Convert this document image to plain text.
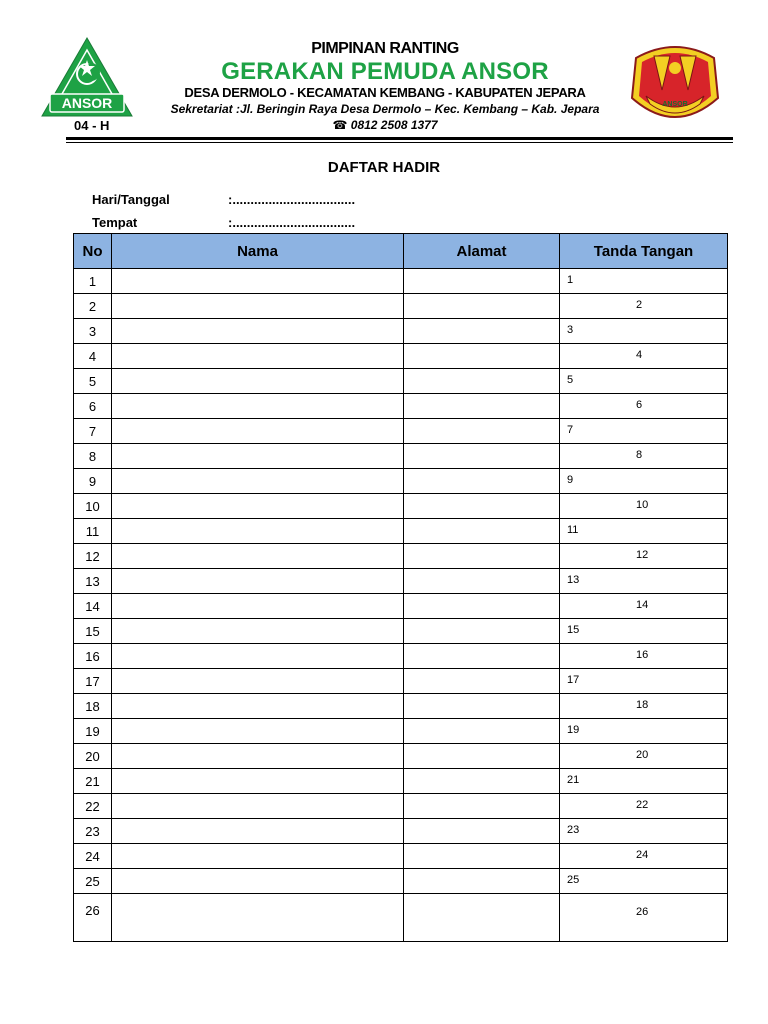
ANSOR
04 - H
ANSOR
PIMPINAN RANTING
GERAKAN PEMUDA ANSOR
DESA DERMOLO - KECAMATAN KEMBANG - KABUPATEN JEPARA
Sekretariat :Jl. Beringin Raya Desa Dermolo – Kec. Kembang – Kab. Jepara
☎ 0812 2508 1377
DAFTAR HADIR
Hari/Tanggal	:..................................
Tempat	:..................................
No	Nama	Alamat	Tanda Tangan
1			1

2			2

3			3

4			4

5			5

6			6

7			7

8			8

9			9

10			10

11			11

12			12

13			13

14			14

15			15

16			16

17			17

18			18

19			19

20			20

21			21

22			22

23			23

24			24

25			25

26			26
